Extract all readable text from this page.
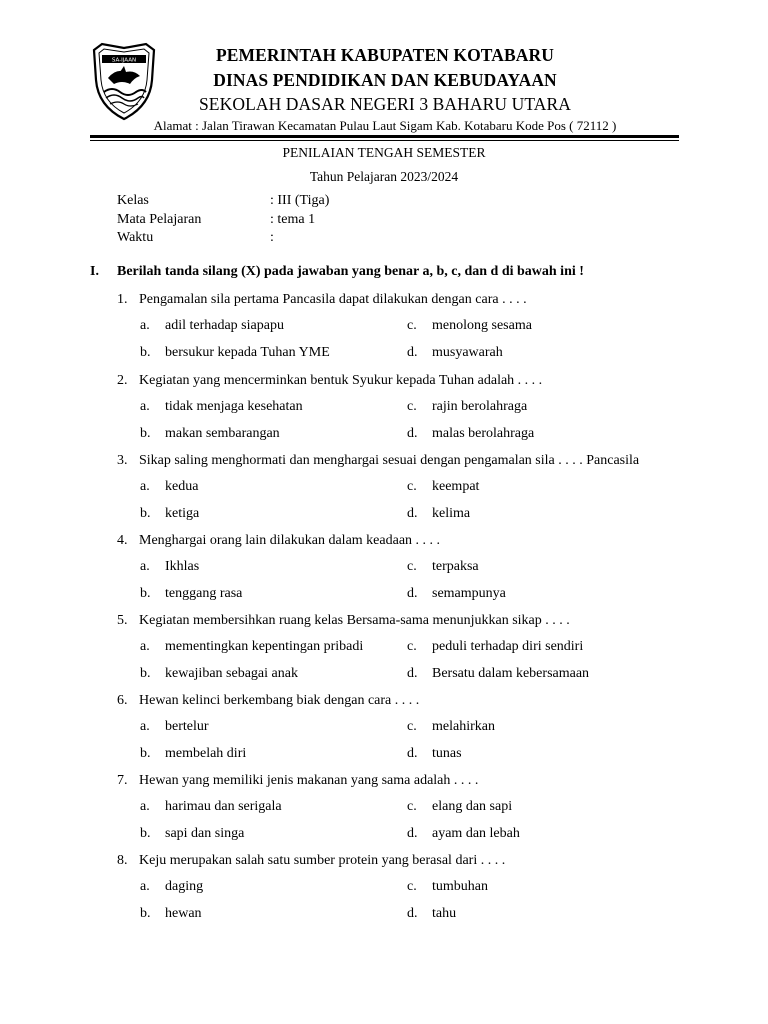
SA-IJAAN	PEMERINTAH KABUPATEN KOTABARU
DINAS PENDIDIKAN DAN KEBUDAYAAN
SEKOLAH DASAR NEGERI 3 BAHARU UTARA
Alamat : Jalan Tirawan Kecamatan Pulau Laut Sigam Kab. Kotabaru Kode Pos ( 72112 )
PENILAIAN TENGAH SEMESTER
Tahun Pelajaran 2023/2024
Kelas	: III (Tiga)
Mata Pelajaran	: tema 1
Waktu	:
I. Berilah tanda silang (X) pada jawaban yang benar a, b, c, dan d di bawah ini !
1. Pengamalan sila pertama Pancasila dapat dilakukan dengan cara . . . .
a. adil terhadap siapapu
b. bersukur kepada Tuhan YME
c. menolong sesama
d. musyawarah
2. Kegiatan yang mencerminkan bentuk Syukur kepada Tuhan adalah . . . .
a. tidak menjaga kesehatan
b. makan sembarangan
c. rajin berolahraga
d. malas berolahraga
3. Sikap saling menghormati dan menghargai sesuai dengan pengamalan sila . . . . Pancasila
a. kedua
b. ketiga
c. keempat
d. kelima
4. Menghargai orang lain dilakukan dalam keadaan . . . .
a. Ikhlas
b. tenggang rasa
c. terpaksa
d. semampunya
5. Kegiatan membersihkan ruang kelas Bersama-sama menunjukkan sikap . . . .
a. mementingkan kepentingan pribadi
b. kewajiban sebagai anak
c. peduli terhadap diri sendiri
d. Bersatu dalam kebersamaan
6. Hewan kelinci berkembang biak dengan cara . . . .
a. bertelur
b. membelah diri
c. melahirkan
d. tunas
7. Hewan yang memiliki jenis makanan yang sama adalah . . . .
a. harimau dan serigala
b. sapi dan singa
c. elang dan sapi
d. ayam dan lebah
8. Keju merupakan salah satu sumber protein yang berasal dari . . . .
a. daging
b. hewan
c. tumbuhan
d. tahu
